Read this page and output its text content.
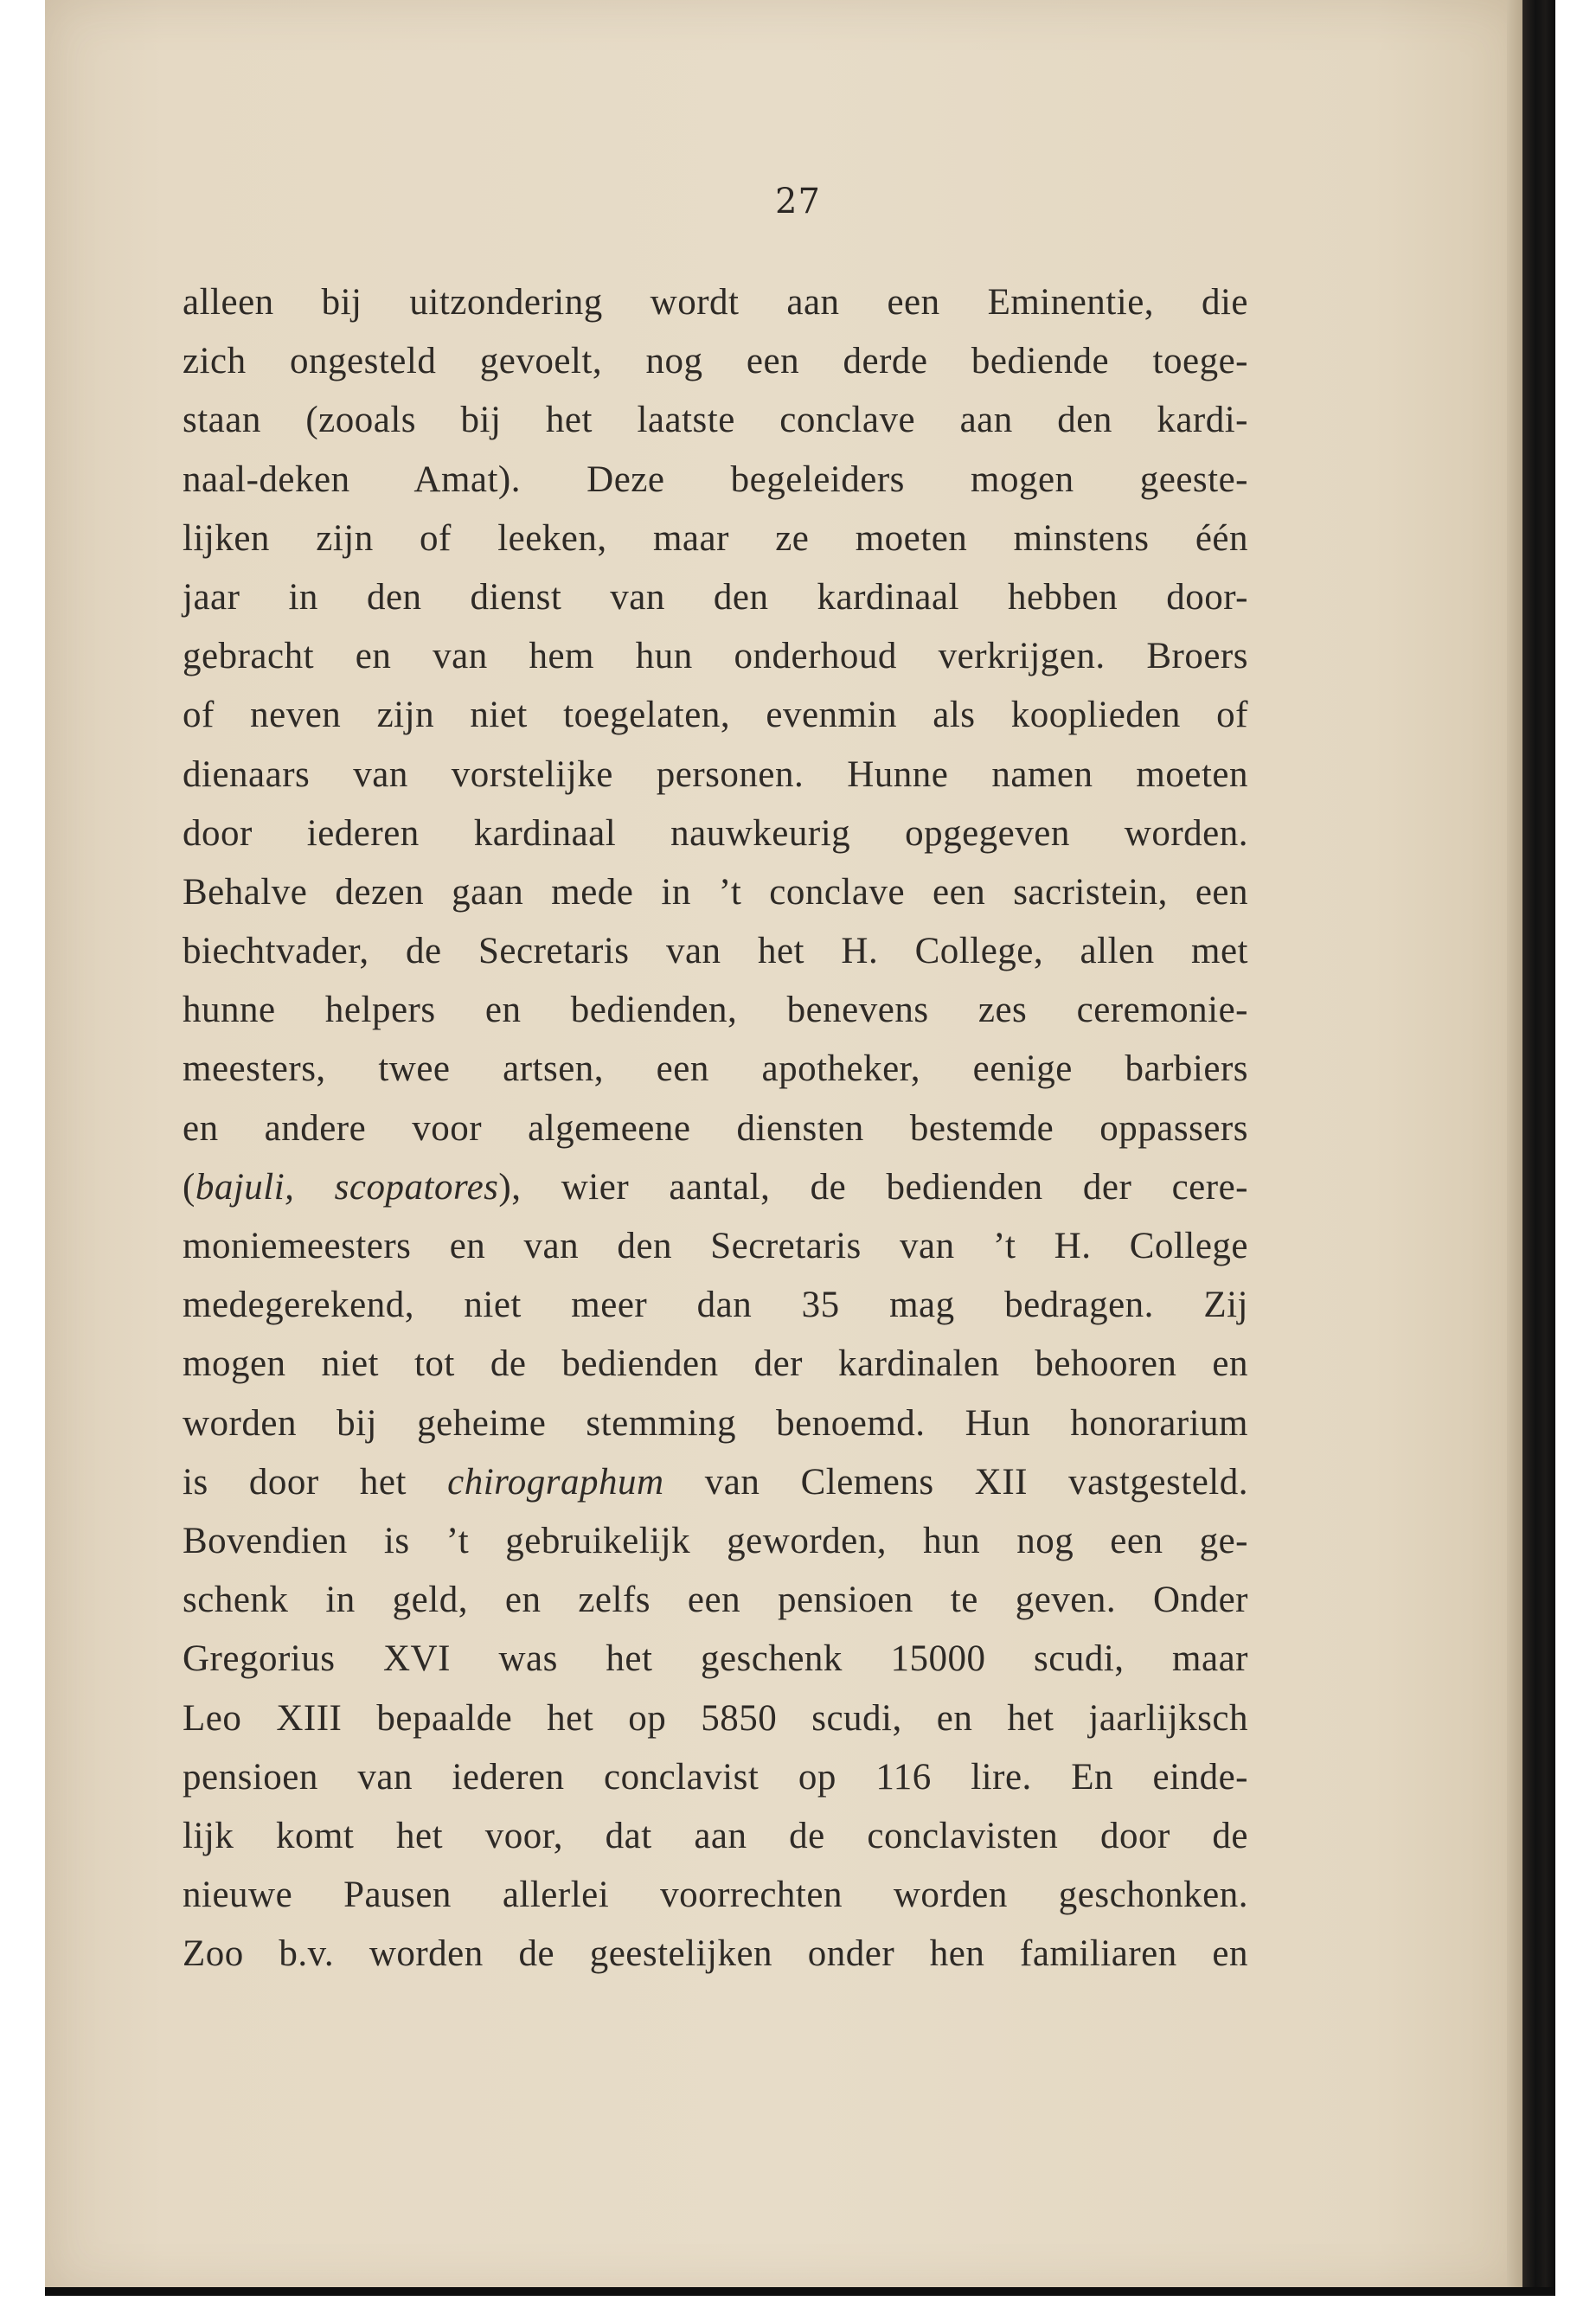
27

alleen bij uitzondering wordt aan een Eminentie, die
zich ongesteld gevoelt, nog een derde bediende toege-
staan (zooals bij het laatste conclave aan den kardi-
naal-deken Amat). Deze begeleiders mogen geeste-
lijken zijn of leeken, maar ze moeten minstens één
jaar in den dienst van den kardinaal hebben door-
gebracht en van hem hun onderhoud verkrijgen. Broers
of neven zijn niet toegelaten, evenmin als kooplieden of
dienaars van vorstelijke personen. Hunne namen moeten
door iederen kardinaal nauwkeurig opgegeven worden.
Behalve dezen gaan mede in ’t conclave een sacristein, een
biechtvader, de Secretaris van het H. College, allen met
hunne helpers en bedienden, benevens zes ceremonie-
meesters, twee artsen, een apotheker, eenige barbiers
en andere voor algemeene diensten bestemde oppassers
(bajuli, scopatores), wier aantal, de bedienden der cere-
moniemeesters en van den Secretaris van ’t H. College
medegerekend, niet meer dan 35 mag bedragen. Zij
mogen niet tot de bedienden der kardinalen behooren en
worden bij geheime stemming benoemd. Hun honorarium
is door het chirographum van Clemens XII vastgesteld.
Bovendien is ’t gebruikelijk geworden, hun nog een ge-
schenk in geld, en zelfs een pensioen te geven. Onder
Gregorius XVI was het geschenk 15000 scudi, maar
Leo XIII bepaalde het op 5850 scudi, en het jaarlijksch
pensioen van iederen conclavist op 116 lire. En einde-
lijk komt het voor, dat aan de conclavisten door de
nieuwe Pausen allerlei voorrechten worden geschonken.
Zoo b.v. worden de geestelijken onder hen familiaren en
